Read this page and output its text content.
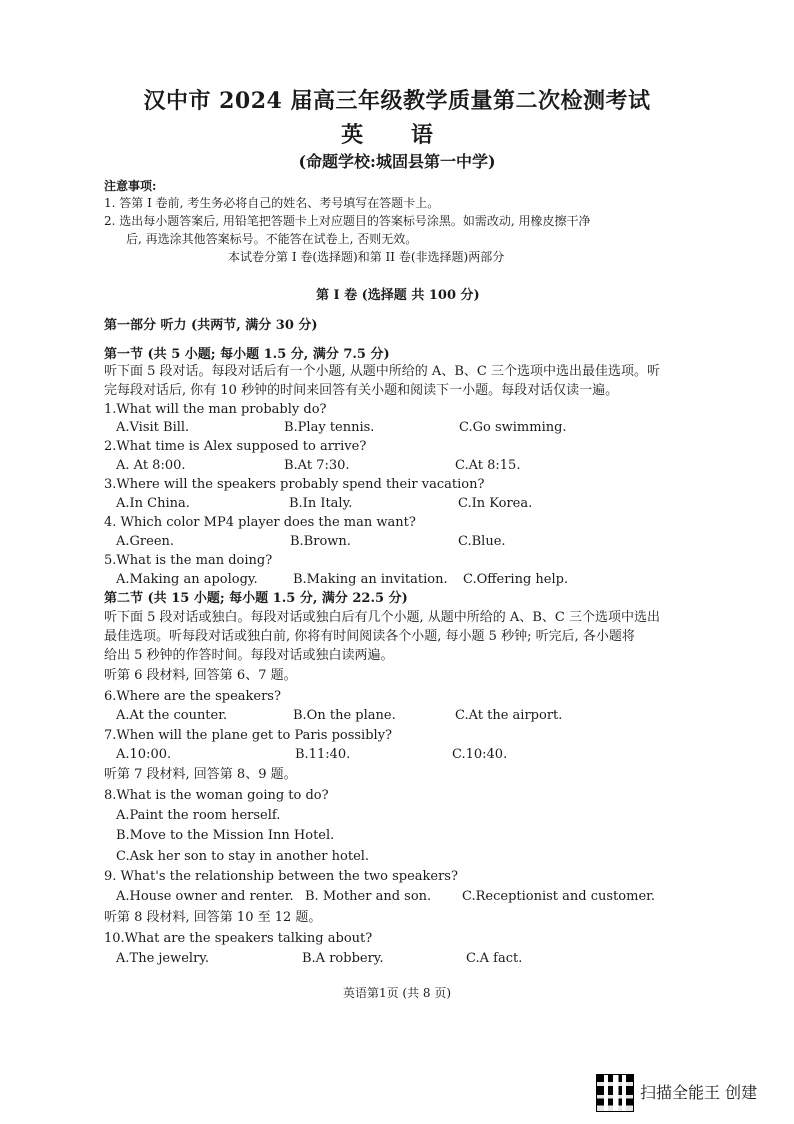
汉中市 2024 届高三年级教学质量第二次检测考试
英 语
(命题学校:城固县第一中学)
注意事项:
1. 答第 I 卷前, 考生务必将自己的姓名、考号填写在答题卡上。
2. 选出每小题答案后, 用铅笔把答题卡上对应题目的答案标号涂黑。如需改动, 用橡皮擦干净
后, 再选涂其他答案标号。不能答在试卷上, 否则无效。
本试卷分第 I 卷(选择题)和第 II 卷(非选择题)两部分
第 I 卷 (选择题 共 100 分)
第一部分 听力 (共两节, 满分 30 分)
第一节 (共 5 小题; 每小题 1.5 分, 满分 7.5 分)
听下面 5 段对话。每段对话后有一个小题, 从题中所给的 A、B、C 三个选项中选出最佳选项。听
完每段对话后, 你有 10 秒钟的时间来回答有关小题和阅读下一小题。每段对话仅读一遍。
1.What will the man probably do?
A.Visit Bill.	B.Play tennis.	C.Go swimming.
2.What time is Alex supposed to arrive?
A. At 8:00.	B.At 7:30.	C.At 8:15.
3.Where will the speakers probably spend their vacation?
A.In China.	B.In Italy.	C.In Korea.
4. Which color MP4 player does the man want?
A.Green.	B.Brown.	C.Blue.
5.What is the man doing?
A.Making an apology.	B.Making an invitation. C.Offering help.
第二节 (共 15 小题; 每小题 1.5 分, 满分 22.5 分)
听下面 5 段对话或独白。每段对话或独白后有几个小题, 从题中所给的 A、B、C 三个选项中选出
最佳选项。听每段对话或独白前, 你将有时间阅读各个小题, 每小题 5 秒钟; 听完后, 各小题将
给出 5 秒钟的作答时间。每段对话或独白读两遍。
听第 6 段材料, 回答第 6、7 题。
6.Where are the speakers?
A.At the counter.	B.On the plane.	C.At the airport.
7.When will the plane get to Paris possibly?
A.10:00.	B.11:40.	C.10:40.
听第 7 段材料, 回答第 8、9 题。
8.What is the woman going to do?
A.Paint the room herself.
B.Move to the Mission Inn Hotel.
C.Ask her son to stay in another hotel.
9. What's the relationship between the two speakers?
A.House owner and renter. B. Mother and son. C.Receptionist and customer.
听第 8 段材料, 回答第 10 至 12 题。
10.What are the speakers talking about?
A.The jewelry.	B.A robbery.	C.A fact.
英语第1页 (共 8 页)
扫描全能王 创建
